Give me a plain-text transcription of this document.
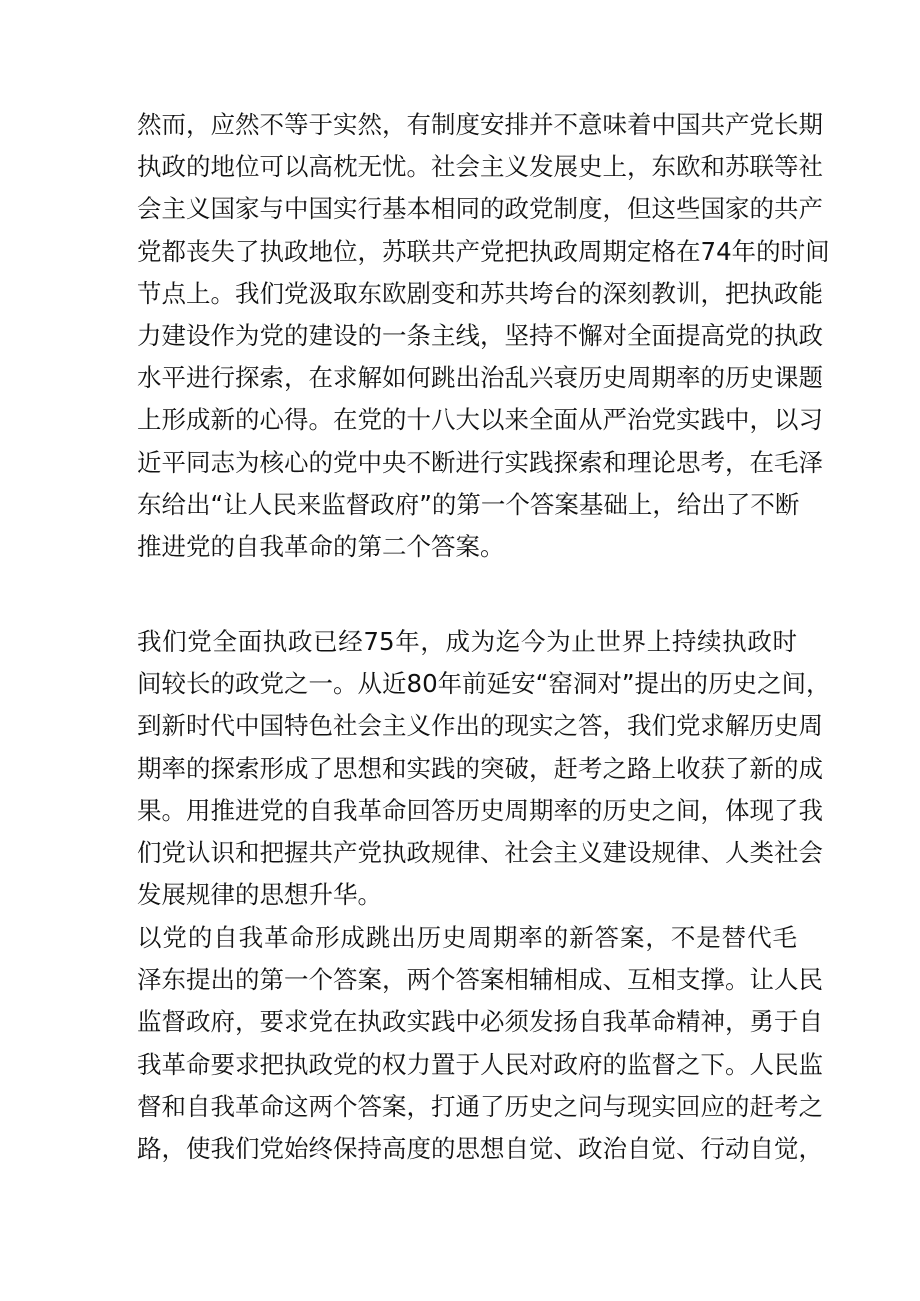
然而，应然不等于实然，有制度安排并不意味着中国共产党长期
执政的地位可以高枕无忧。社会主义发展史上，东欧和苏联等社
会主义国家与中国实行基本相同的政党制度，但这些国家的共产
党都丧失了执政地位，苏联共产党把执政周期定格在74年的时间
节点上。我们党汲取东欧剧变和苏共垮台的深刻教训，把执政能
力建设作为党的建设的一条主线，坚持不懈对全面提高党的执政
水平进行探索，在求解如何跳出治乱兴衰历史周期率的历史课题
上形成新的心得。在党的十八大以来全面从严治党实践中，以习
近平同志为核心的党中央不断进行实践探索和理论思考，在毛泽
东给出“让人民来监督政府”的第一个答案基础上，给出了不断
推进党的自我革命的第二个答案。

我们党全面执政已经75年，成为迄今为止世界上持续执政时
间较长的政党之一。从近80年前延安“窑洞对”提出的历史之间，
到新时代中国特色社会主义作出的现实之答，我们党求解历史周
期率的探索形成了思想和实践的突破，赶考之路上收获了新的成
果。用推进党的自我革命回答历史周期率的历史之间，体现了我
们党认识和把握共产党执政规律、社会主义建设规律、人类社会
发展规律的思想升华。

以党的自我革命形成跳出历史周期率的新答案，不是替代毛
泽东提出的第一个答案，两个答案相辅相成、互相支撑。让人民
监督政府，要求党在执政实践中必须发扬自我革命精神，勇于自
我革命要求把执政党的权力置于人民对政府的监督之下。人民监
督和自我革命这两个答案，打通了历史之问与现实回应的赶考之
路，使我们党始终保持高度的思想自觉、政治自觉、行动自觉，
